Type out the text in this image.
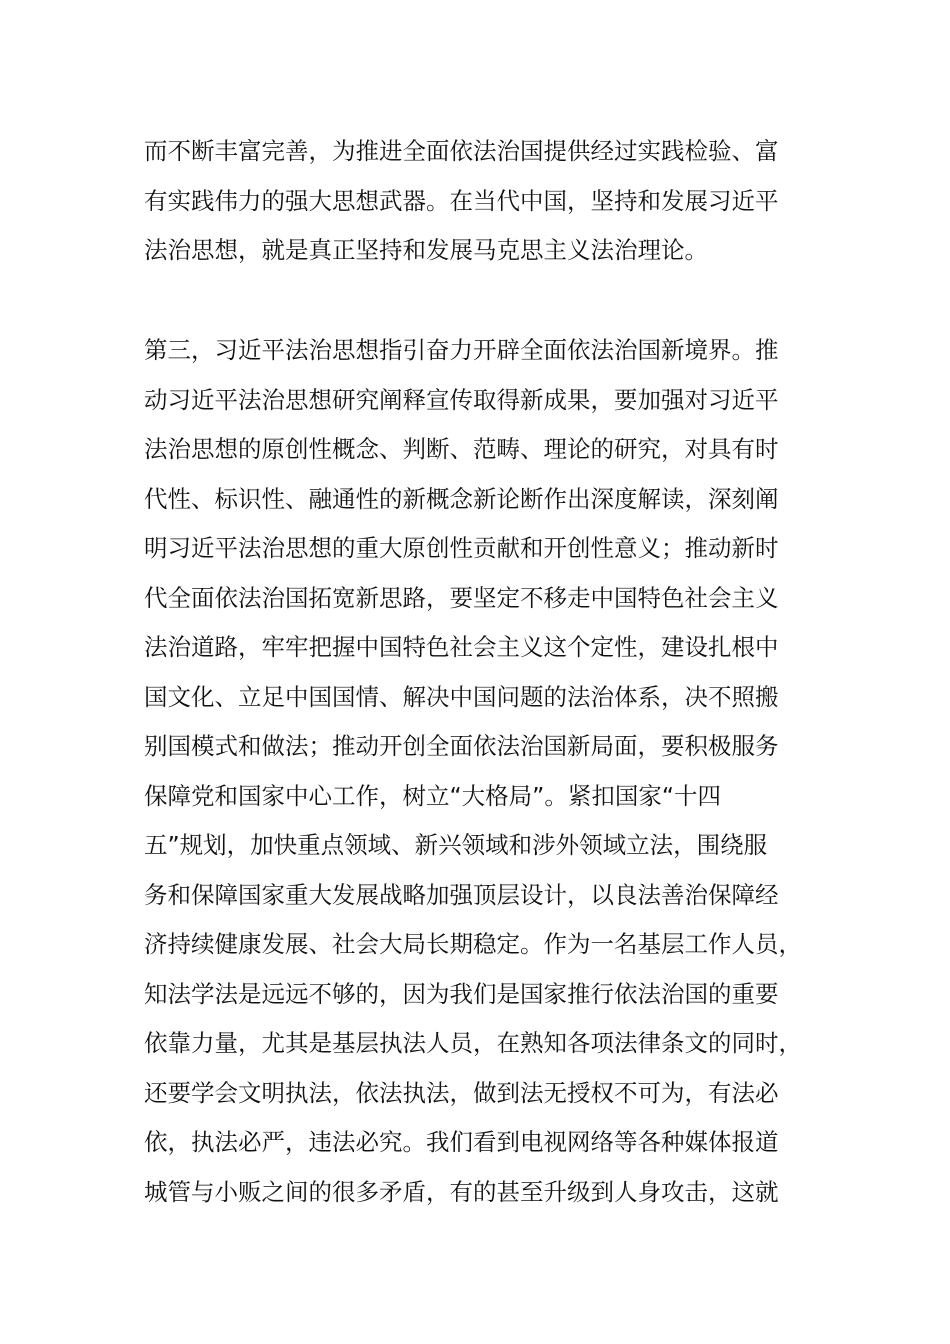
而不断丰富完善，为推进全面依法治国提供经过实践检验、富
有实践伟力的强大思想武器。在当代中国，坚持和发展习近平
法治思想，就是真正坚持和发展马克思主义法治理论。
第三，习近平法治思想指引奋力开辟全面依法治国新境界。推
动习近平法治思想研究阐释宣传取得新成果，要加强对习近平
法治思想的原创性概念、判断、范畴、理论的研究，对具有时
代性、标识性、融通性的新概念新论断作出深度解读，深刻阐
明习近平法治思想的重大原创性贡献和开创性意义；推动新时
代全面依法治国拓宽新思路，要坚定不移走中国特色社会主义
法治道路，牢牢把握中国特色社会主义这个定性，建设扎根中
国文化、立足中国国情、解决中国问题的法治体系，决不照搬
别国模式和做法；推动开创全面依法治国新局面，要积极服务
保障党和国家中心工作，树立“大格局”。紧扣国家“十四
五”规划，加快重点领域、新兴领域和涉外领域立法，围绕服
务和保障国家重大发展战略加强顶层设计，以良法善治保障经
济持续健康发展、社会大局长期稳定。作为一名基层工作人员，
知法学法是远远不够的，因为我们是国家推行依法治国的重要
依靠力量，尤其是基层执法人员，在熟知各项法律条文的同时，
还要学会文明执法，依法执法，做到法无授权不可为，有法必
依，执法必严，违法必究。我们看到电视网络等各种媒体报道
城管与小贩之间的很多矛盾，有的甚至升级到人身攻击，这就
